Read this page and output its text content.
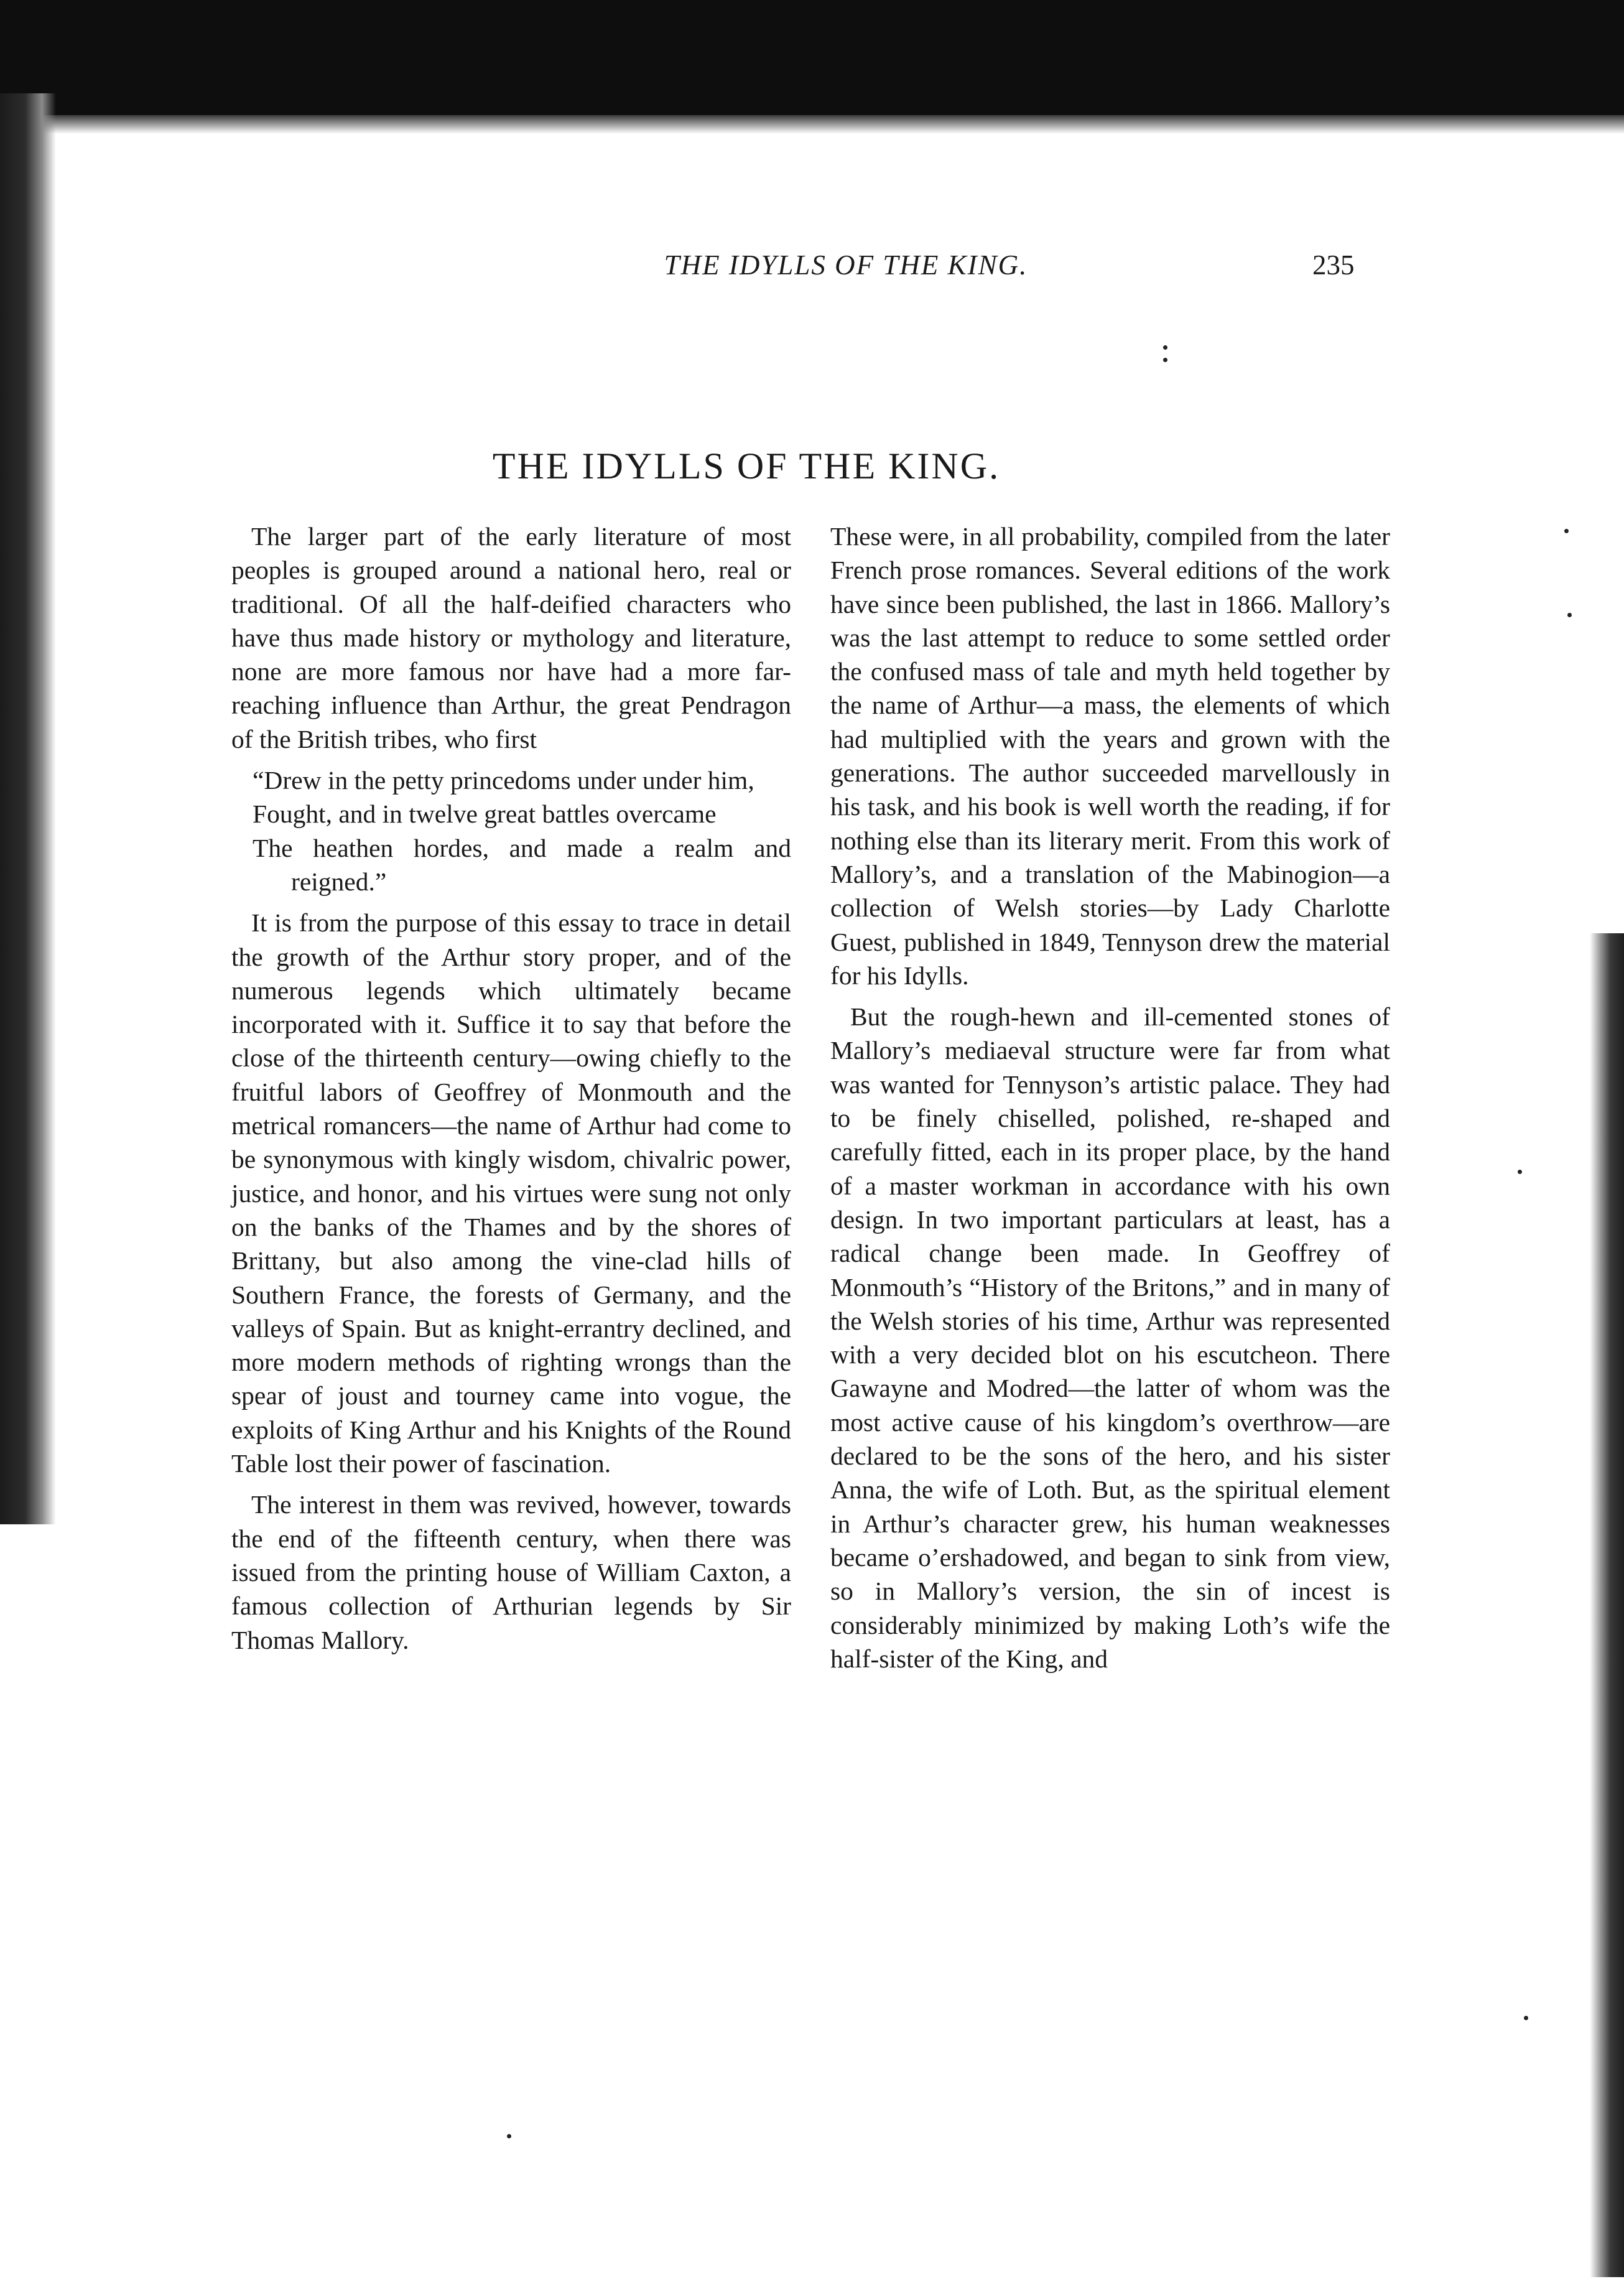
THE IDYLLS OF THE KING.	235
THE IDYLLS OF THE KING.

The larger part of the early literature of most peoples is grouped around a national hero, real or traditional. Of all the half-deified characters who have thus made history or mythology and literature, none are more famous nor have had a more far-reaching influence than Arthur, the great Pendragon of the British tribes, who first

“Drew in the petty princedoms under under him,
Fought, and in twelve great battles overcame
The heathen hordes, and made a realm and reigned.”

It is from the purpose of this essay to trace in detail the growth of the Arthur story proper, and of the numerous legends which ultimately became incorporated with it. Suffice it to say that before the close of the thirteenth century—owing chiefly to the fruitful labors of Geoffrey of Monmouth and the metrical romancers—the name of Arthur had come to be synonymous with kingly wisdom, chivalric power, justice, and honor, and his virtues were sung not only on the banks of the Thames and by the shores of Brittany, but also among the vine-clad hills of Southern France, the forests of Germany, and the valleys of Spain. But as knight-errantry declined, and more modern methods of righting wrongs than the spear of joust and tourney came into vogue, the exploits of King Arthur and his Knights of the Round Table lost their power of fascination.

The interest in them was revived, however, towards the end of the fifteenth century, when there was issued from the printing house of William Caxton, a famous collection of Arthurian legends by Sir Thomas Mallory.

These were, in all probability, compiled from the later French prose romances. Several editions of the work have since been published, the last in 1866. Mallory’s was the last attempt to reduce to some settled order the confused mass of tale and myth held together by the name of Arthur—a mass, the elements of which had multiplied with the years and grown with the generations. The author succeeded marvellously in his task, and his book is well worth the reading, if for nothing else than its literary merit. From this work of Mallory’s, and a translation of the Mabinogion—a collection of Welsh stories—by Lady Charlotte Guest, published in 1849, Tennyson drew the material for his Idylls.

But the rough-hewn and ill-cemented stones of Mallory’s mediaeval structure were far from what was wanted for Tennyson’s artistic palace. They had to be finely chiselled, polished, re-shaped and carefully fitted, each in its proper place, by the hand of a master workman in accordance with his own design. In two important particulars at least, has a radical change been made. In Geoffrey of Monmouth’s “History of the Britons,” and in many of the Welsh stories of his time, Arthur was represented with a very decided blot on his escutcheon. There Gawayne and Modred—the latter of whom was the most active cause of his kingdom’s overthrow—are declared to be the sons of the hero, and his sister Anna, the wife of Loth. But, as the spiritual element in Arthur’s character grew, his human weaknesses became o’ershadowed, and began to sink from view, so in Mallory’s version, the sin of incest is considerably minimized by making Loth’s wife the half-sister of the King, and
